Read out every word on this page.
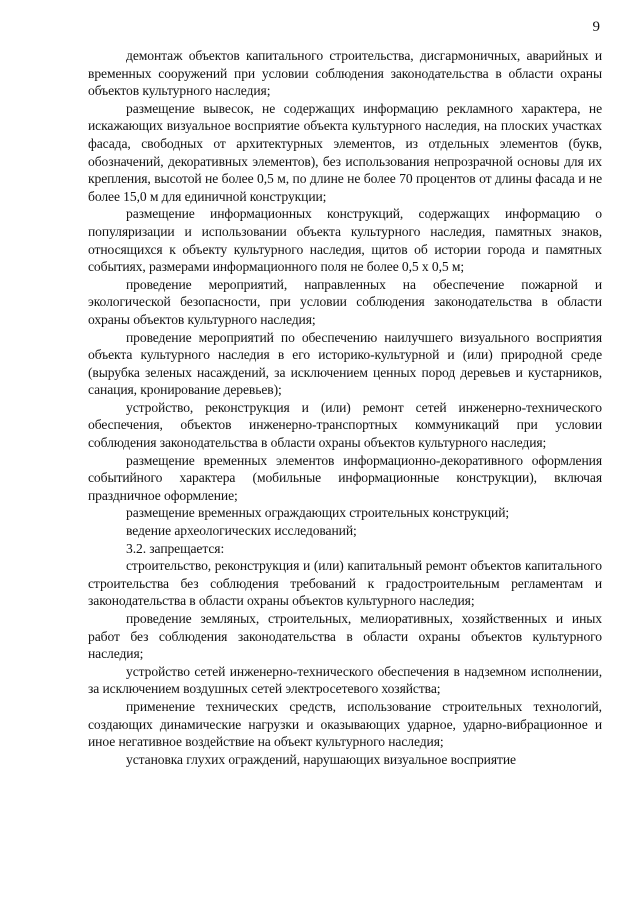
9

демонтаж объектов капитального строительства, дисгармоничных, аварийных и временных сооружений при условии соблюдения законодательства в области охраны объектов культурного наследия;

размещение вывесок, не содержащих информацию рекламного характера, не искажающих визуальное восприятие объекта культурного наследия, на плоских участках фасада, свободных от архитектурных элементов, из отдельных элементов (букв, обозначений, декоративных элементов), без использования непрозрачной основы для их крепления, высотой не более 0,5 м, по длине не более 70 процентов от длины фасада и не более 15,0 м для единичной конструкции;

размещение информационных конструкций, содержащих информацию о популяризации и использовании объекта культурного наследия, памятных знаков, относящихся к объекту культурного наследия, щитов об истории города и памятных событиях, размерами информационного поля не более 0,5 х 0,5 м;

проведение мероприятий, направленных на обеспечение пожарной и экологической безопасности, при условии соблюдения законодательства в области охраны объектов культурного наследия;

проведение мероприятий по обеспечению наилучшего визуального восприятия объекта культурного наследия в его историко-культурной и (или) природной среде (вырубка зеленых насаждений, за исключением ценных пород деревьев и кустарников, санация, кронирование деревьев);

устройство, реконструкция и (или) ремонт сетей инженерно-технического обеспечения, объектов инженерно-транспортных коммуникаций при условии соблюдения законодательства в области охраны объектов культурного наследия;

размещение временных элементов информационно-декоративного оформления событийного характера (мобильные информационные конструкции), включая праздничное оформление;

размещение временных ограждающих строительных конструкций;

ведение археологических исследований;

3.2. запрещается:

строительство, реконструкция и (или) капитальный ремонт объектов капитального строительства без соблюдения требований к градостроительным регламентам и законодательства в области охраны объектов культурного наследия;

проведение земляных, строительных, мелиоративных, хозяйственных и иных работ без соблюдения законодательства в области охраны объектов культурного наследия;

устройство сетей инженерно-технического обеспечения в надземном исполнении, за исключением воздушных сетей электросетевого хозяйства;

применение технических средств, использование строительных технологий, создающих динамические нагрузки и оказывающих ударное, ударно-вибрационное и иное негативное воздействие на объект культурного наследия;

установка глухих ограждений, нарушающих визуальное восприятие
